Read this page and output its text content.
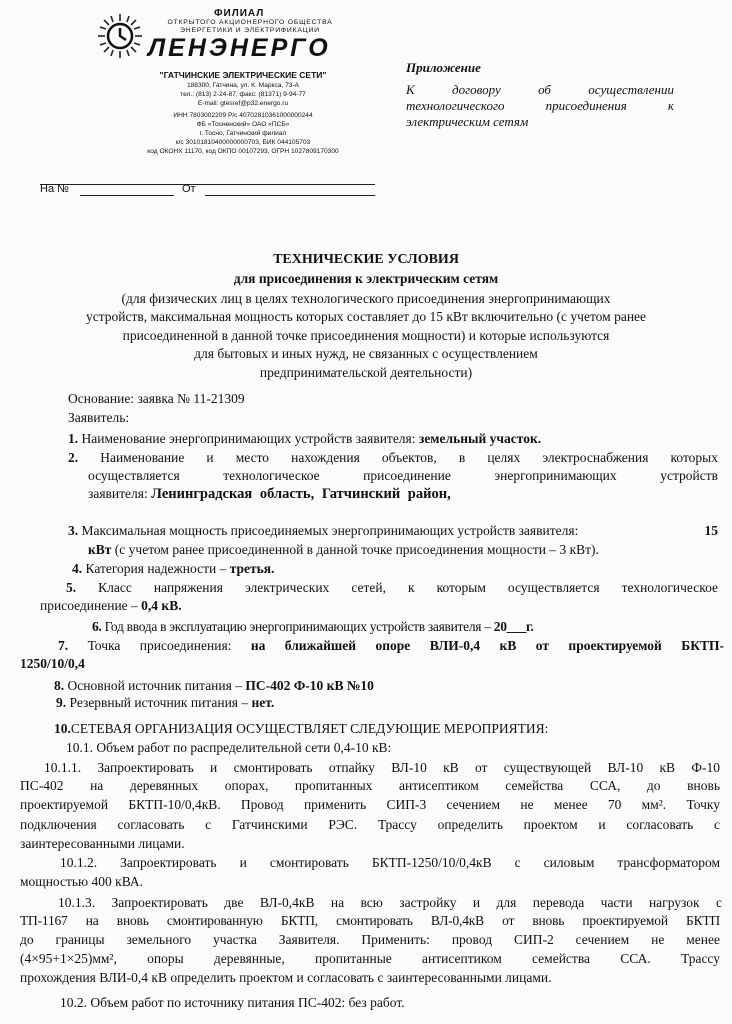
ФИЛИАЛ
ОТКРЫТОГО АКЦИОНЕРНОГО ОБЩЕСТВА
ЭНЕРГЕТИКИ И ЭЛЕКТРИФИКАЦИИ
ЛЕНЭНЕРГО
"ГАТЧИНСКИЕ ЭЛЕКТРИЧЕСКИЕ СЕТИ"
188300, Гатчина, ул. К. Маркса, 73-А
тел.: (813) 2-24-87, факс: (81371) 9-94-77
E-mail: gtesref@p32.energo.ru
ИНН 7803002209 Р/с 40702810361000000244
ФБ «Тосненский» ОАО «ПСБ»
г. Тосно, Гатчинский филиал
к/с 30101810400000000703, БИК 044105703
код ОКОНХ 11170, код ОКПО 00107293, ОГРН 1027809170300
Приложение
К договору об осуществлении
технологического присоединения к
электрическим сетям
На №	От
ТЕХНИЧЕСКИЕ УСЛОВИЯ
для присоединения к электрическим сетям
(для физических лиц в целях технологического присоединения энергопринимающих
устройств, максимальная мощность которых составляет до 15 кВт включительно (с учетом ранее
присоединенной в данной точке присоединения мощности) и которые используются
для бытовых и иных нужд, не связанных с осуществлением
предпринимательской деятельности)
Основание: заявка № 11-21309
Заявитель:
1. Наименование энергопринимающих устройств заявителя: земельный участок.
2. Наименование и место нахождения объектов, в целях электроснабжения которых
осуществляется технологическое присоединение энергопринимающих устройств
заявителя: Ленинградская область, Гатчинский район,
3. Максимальная мощность присоединяемых энергопринимающих устройств заявителя:	15
кВт (с учетом ранее присоединенной в данной точке присоединения мощности – 3 кВт).
4. Категория надежности – третья.
5. Класс напряжения электрических сетей, к которым осуществляется технологическое
присоединение – 0,4 кВ.
6. Год ввода в эксплуатацию энергопринимающих устройств заявителя – 20___г.
7. Точка присоединения: на ближайшей опоре ВЛИ-0,4 кВ от проектируемой БКТП-
1250/10/0,4
8. Основной источник питания – ПС-402 Ф-10 кВ №10
9. Резервный источник питания – нет.
10.СЕТЕВАЯ ОРГАНИЗАЦИЯ ОСУЩЕСТВЛЯЕТ СЛЕДУЮЩИЕ МЕРОПРИЯТИЯ:
10.1. Объем работ по распределительной сети 0,4-10 кВ:
10.1.1. Запроектировать и смонтировать отпайку ВЛ-10 кВ от существующей ВЛ-10 кВ Ф-10
ПС-402 на деревянных опорах, пропитанных антисептиком семейства ССА, до вновь
проектируемой БКТП-10/0,4кВ. Провод применить СИП-3 сечением не менее 70 мм². Точку
подключения согласовать с Гатчинскими РЭС. Трассу определить проектом и согласовать с
заинтересованными лицами.
10.1.2. Запроектировать и смонтировать БКТП-1250/10/0,4кВ с силовым трансформатором
мощностью 400 кВА.
10.1.3. Запроектировать две ВЛ-0,4кВ на всю застройку и для перевода части нагрузок с
ТП-1167 на вновь смонтированную БКТП, смонтировать ВЛ-0,4кВ от вновь проектируемой БКТП
до границы земельного участка Заявителя. Применить: провод СИП-2 сечением не менее
(4×95+1×25)мм², опоры деревянные, пропитанные антисептиком семейства ССА. Трассу
прохождения ВЛИ-0,4 кВ определить проектом и согласовать с заинтересованными лицами.
10.2. Объем работ по источнику питания ПС-402: без работ.
